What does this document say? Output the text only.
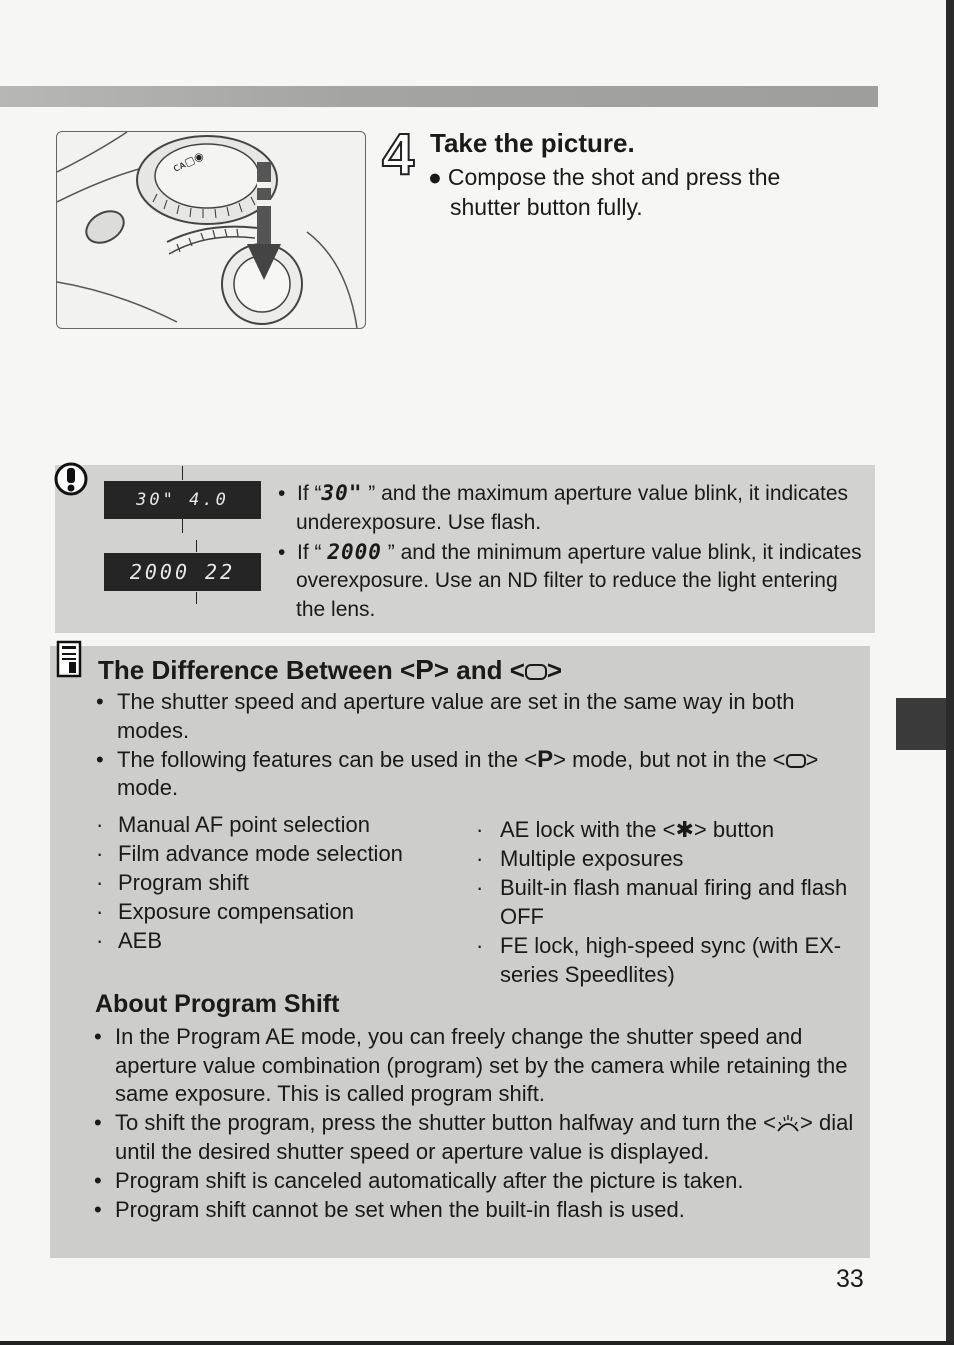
ᴄᴀ▢◉	4 Take the picture.
● Compose the shot and press the
shutter button fully.
30" 4.0
2000 22
•  If “30" ” and the maximum aperture value blink, it indicates underexposure. Use flash.
•  If “ 2000 ” and the minimum aperture value blink, it indicates overexposure. Use an ND filter to reduce the light entering the lens.
The Difference Between <P> and < >
• The shutter speed and aperture value are set in the same way in both modes.
• The following features can be used in the <P> mode, but not in the < > mode.
· Manual AF point selection
· Film advance mode selection
· Program shift
· Exposure compensation
· AEB
· AE lock with the <✱> button
· Multiple exposures
· Built-in flash manual firing and flash OFF
· FE lock, high-speed sync (with EX-series Speedlites)
About Program Shift
• In the Program AE mode, you can freely change the shutter speed and aperture value combination (program) set by the camera while retaining the same exposure. This is called program shift.
• To shift the program, press the shutter button halfway and turn the < > dial until the desired shutter speed or aperture value is displayed.
• Program shift is canceled automatically after the picture is taken.
• Program shift cannot be set when the built-in flash is used.
33
